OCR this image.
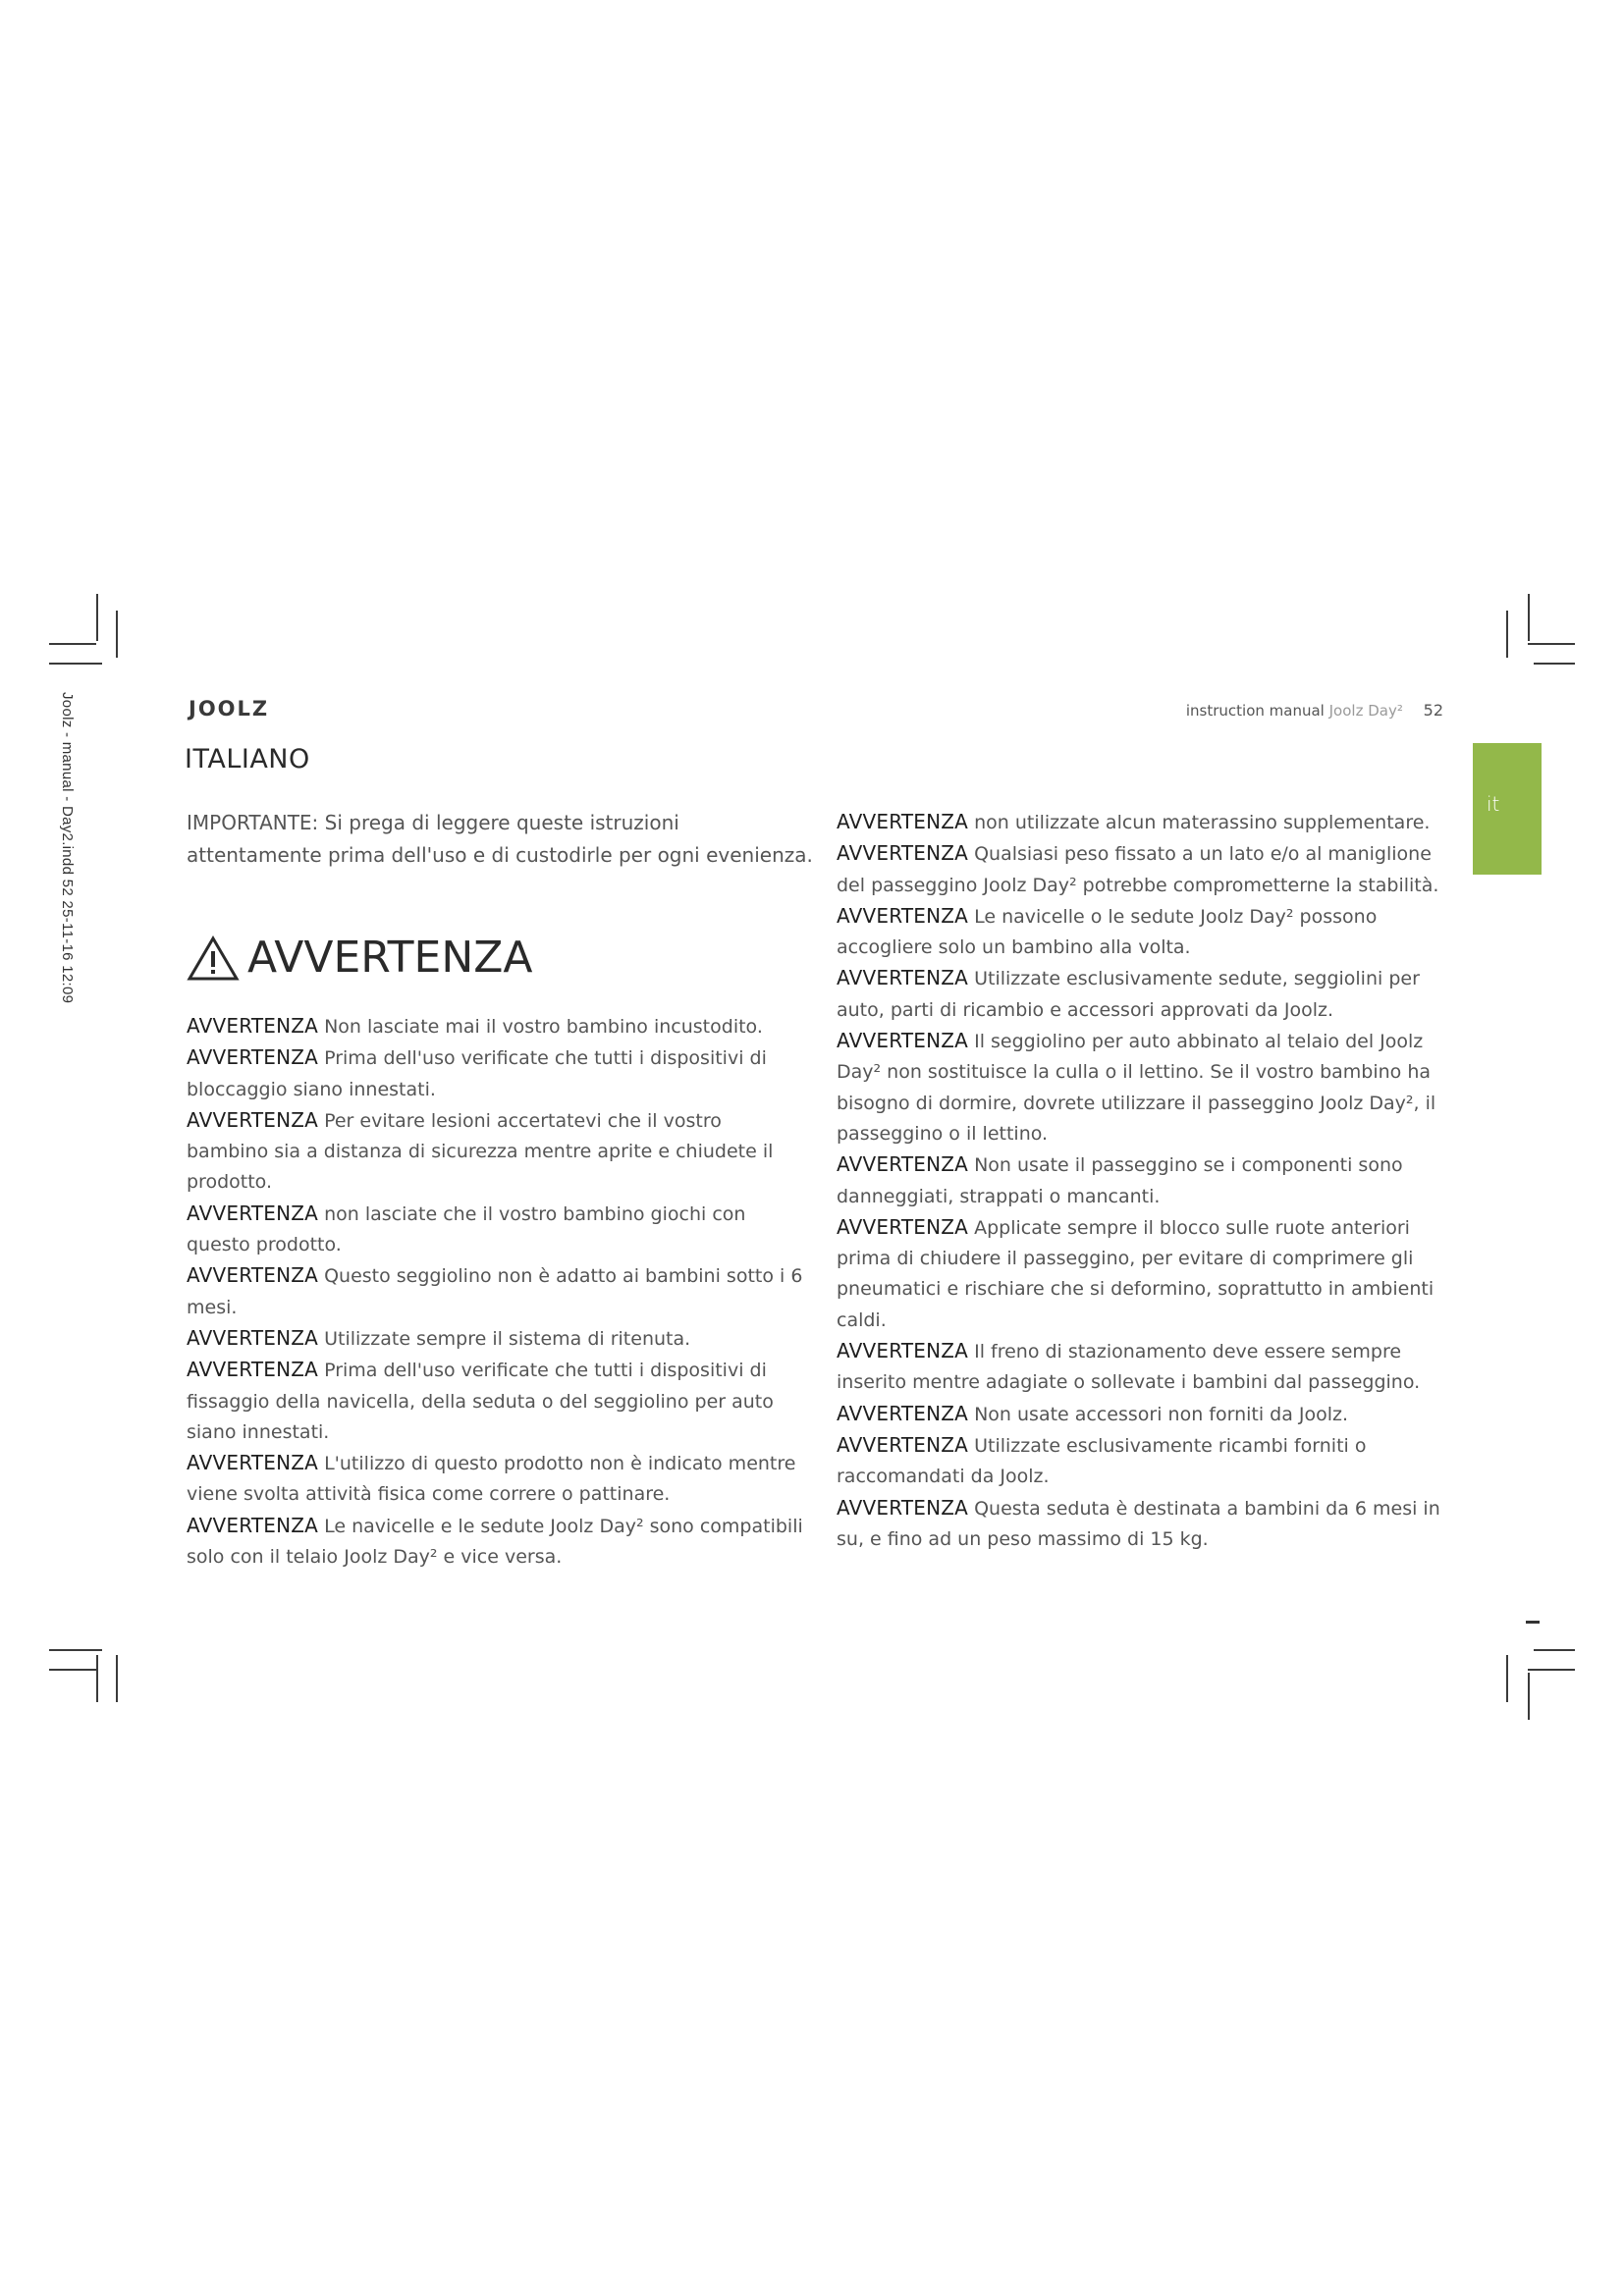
Joolz - manual - Day2.indd 52 25-11-16 12:09	JOOLZ	instruction manual Joolz Day² 52
it
ITALIANO
IMPORTANTE: Si prega di leggere queste istruzioni attentamente prima dell'uso e di custodirle per ogni evenienza.
AVVERTENZA

AVVERTENZA Non lasciate mai il vostro bambino incustodito.

AVVERTENZA Prima dell'uso verificate che tutti i dispositivi di bloccaggio siano innestati.

AVVERTENZA Per evitare lesioni accertatevi che il vostro bambino sia a distanza di sicurezza mentre aprite e chiudete il prodotto.

AVVERTENZA non lasciate che il vostro bambino giochi con questo prodotto.

AVVERTENZA Questo seggiolino non è adatto ai bambini sotto i 6 mesi.

AVVERTENZA Utilizzate sempre il sistema di ritenuta.

AVVERTENZA Prima dell'uso verificate che tutti i dispositivi di fissaggio della navicella, della seduta o del seggiolino per auto siano innestati.

AVVERTENZA L'utilizzo di questo prodotto non è indicato mentre viene svolta attività fisica come correre o pattinare.

AVVERTENZA Le navicelle e le sedute Joolz Day² sono compatibili solo con il telaio Joolz Day² e vice versa.

AVVERTENZA non utilizzate alcun materassino supplementare.

AVVERTENZA Qualsiasi peso fissato a un lato e/o al maniglione del passeggino Joolz Day² potrebbe comprometterne la stabilità.

AVVERTENZA Le navicelle o le sedute Joolz Day² possono accogliere solo un bambino alla volta.

AVVERTENZA Utilizzate esclusivamente sedute, seggiolini per auto, parti di ricambio e accessori approvati da Joolz.

AVVERTENZA Il seggiolino per auto abbinato al telaio del Joolz Day² non sostituisce la culla o il lettino. Se il vostro bambino ha bisogno di dormire, dovrete utilizzare il passeggino Joolz Day², il passeggino o il lettino.

AVVERTENZA Non usate il passeggino se i componenti sono danneggiati, strappati o mancanti.

AVVERTENZA Applicate sempre il blocco sulle ruote anteriori prima di chiudere il passeggino, per evitare di comprimere gli pneumatici e rischiare che si deformino, soprattutto in ambienti caldi.

AVVERTENZA Il freno di stazionamento deve essere sempre inserito mentre adagiate o sollevate i bambini dal passeggino.

AVVERTENZA Non usate accessori non forniti da Joolz.

AVVERTENZA Utilizzate esclusivamente ricambi forniti o raccomandati da Joolz.

AVVERTENZA Questa seduta è destinata a bambini da 6 mesi in su, e fino ad un peso massimo di 15 kg.
